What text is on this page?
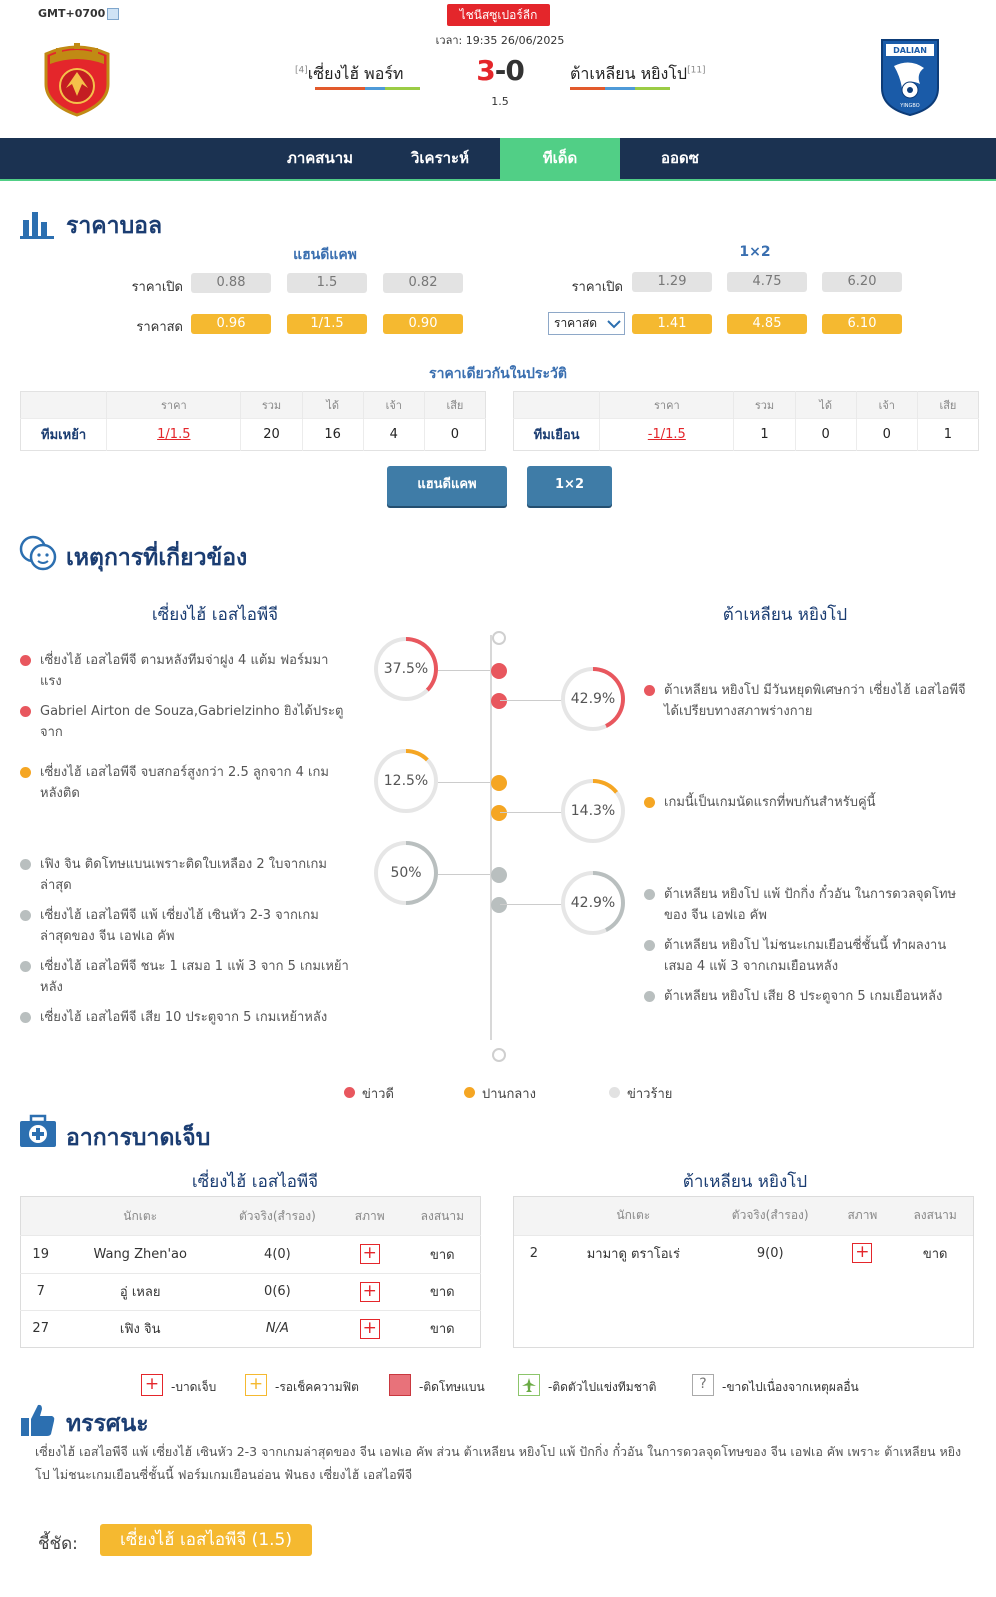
GMT+0700	ไชนีสซูเปอร์ลีก
เวลา: 19:35 26/06/2025
[4]เซี่ยงไฮ้ พอร์ท	3-0
1.5
ต้าเหลียน หยิงโป[11]
DALIAN
YINGBO
ภาคสนาม	วิเคราะห์	ทีเด็ด	ออดซ
ราคาบอล
แฮนดีแคพ
ราคาเปิด	0.88	1.5	0.82
ราคาสด	0.96	1/1.5	0.90
1×2
ราคาเปิด	1.29	4.75	6.20
ราคาสด	1.41	4.85	6.10
ราคาเดียวกันในประวัติ
	ราคา	รวม	ได้	เจ้า	เสีย
ทีมเหย้า	1/1.5	20	16	4	0
	ราคา	รวม	ได้	เจ้า	เสีย
ทีมเยือน	-1/1.5	1	0	0	1
แฮนดีแคพ	1×2
เหตุการที่เกี่ยวข้อง
เซี่ยงไฮ้ เอสไอพีจี	ต้าเหลียน หยิงโป
เซี่ยงไฮ้ เอสไอพีจี ตามหลังทีมจ่าฝูง 4 แต้ม ฟอร์มมาแรง
Gabriel Airton de Souza,Gabrielzinho ยิงได้ประตูจาก
เซี่ยงไฮ้ เอสไอพีจี จบสกอร์สูงกว่า 2.5 ลูกจาก 4 เกมหลังติด
เฟิง จิน ติดโทษแบนเพราะติดใบเหลือง 2 ใบจากเกมล่าสุด
เซี่ยงไฮ้ เอสไอพีจี แพ้ เซี่ยงไฮ้ เซินหัว 2-3 จากเกมล่าสุดของ จีน เอฟเอ คัพ
เซี่ยงไฮ้ เอสไอพีจี ชนะ 1 เสมอ 1 แพ้ 3 จาก 5 เกมเหย้าหลัง
เซี่ยงไฮ้ เอสไอพีจี เสีย 10 ประตูจาก 5 เกมเหย้าหลัง
ต้าเหลียน หยิงโป มีวันหยุดพิเศษกว่า เซี่ยงไฮ้ เอสไอพีจี ได้เปรียบทางสภาพร่างกาย
เกมนี้เป็นเกมนัดแรกที่พบกันสำหรับคู่นี้
ต้าเหลียน หยิงโป แพ้ ปักกิ่ง กั๋วอัน ในการดวลจุดโทษของ จีน เอฟเอ คัพ
ต้าเหลียน หยิงโป ไม่ชนะเกมเยือนซี่ชั้นนี้ ทำผลงานเสมอ 4 แพ้ 3 จากเกมเยือนหลัง
ต้าเหลียน หยิงโป เสีย 8 ประตูจาก 5 เกมเยือนหลัง
37.5%
42.9%
12.5%
14.3%
50%
42.9%
ข่าวดี	ปานกลาง	ข่าวร้าย
อาการบาดเจ็บ
เซี่ยงไฮ้ เอสไอพีจี	ต้าเหลียน หยิงโป
	นักเตะ	ตัวจริง(สำรอง)	สภาพ	ลงสนาม
19	Wang Zhen'ao	4(0)	+	ขาด
7	อู่ เหลย	0(6)	+	ขาด
27	เฟิง จิน	N/A	+	ขาด
	นักเตะ	ตัวจริง(สำรอง)	สภาพ	ลงสนาม
2	มามาดู ตราโอเร่	9(0)	+	ขาด
+ -บาดเจ็บ + -รอเช็คความฟิต	-ติดโทษแบน	-ติดตัวไปแข่งทีมชาติ	?	-ขาดไปเนื่องจากเหตุผลอื่น
ทรรศนะ
เซี่ยงไฮ้ เอสไอพีจี แพ้ เซี่ยงไฮ้ เซินหัว 2-3 จากเกมล่าสุดของ จีน เอฟเอ คัพ ส่วน ต้าเหลียน หยิงโป แพ้ ปักกิ่ง กั๋วอัน ในการดวลจุดโทษของ จีน เอฟเอ คัพ เพราะ ต้าเหลียน หยิงโป ไม่ชนะเกมเยือนซี่ชั้นนี้ ฟอร์มเกมเยือนอ่อน ฟันธง เซี่ยงไฮ้ เอสไอพีจี
ชี้ชัด:	เซี่ยงไฮ้ เอสไอพีจี (1.5)
